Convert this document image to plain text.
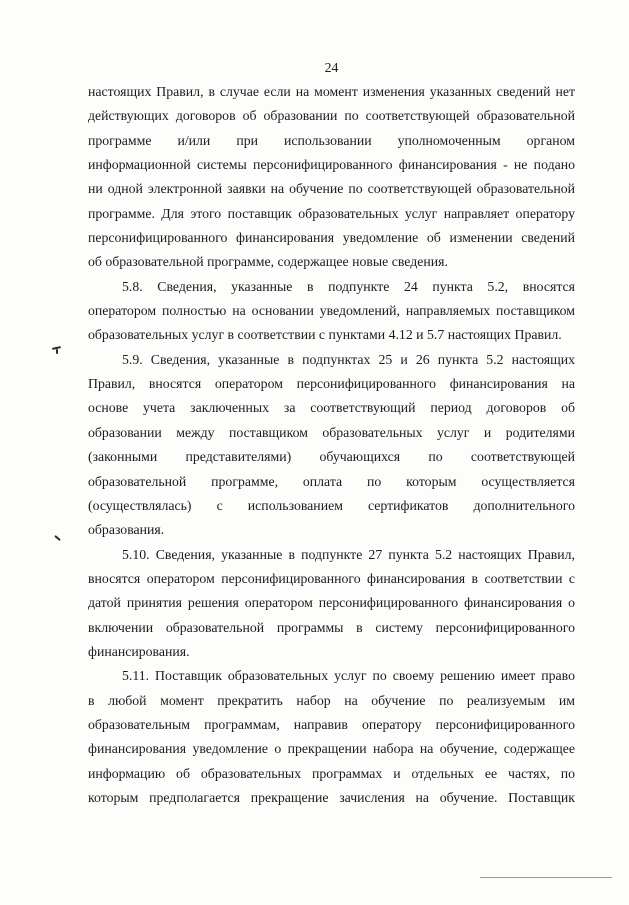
24
настоящих Правил, в случае если на момент изменения указанных сведений нет
действующих договоров об образовании по соответствующей образовательной
программе и/или при использовании уполномоченным органом
информационной системы персонифицированного финансирования - не подано
ни одной электронной заявки на обучение по соответствующей образовательной
программе. Для этого поставщик образовательных услуг направляет оператору
персонифицированного финансирования уведомление об изменении сведений
об образовательной программе, содержащее новые сведения.
5.8. Сведения, указанные в подпункте 24 пункта 5.2, вносятся
оператором полностью на основании уведомлений, направляемых поставщиком
образовательных услуг в соответствии с пунктами 4.12 и 5.7 настоящих Правил.
5.9. Сведения, указанные в подпунктах 25 и 26 пункта 5.2 настоящих
Правил, вносятся оператором персонифицированного финансирования на
основе учета заключенных за соответствующий период договоров об
образовании между поставщиком образовательных услуг и родителями
(законными представителями) обучающихся по соответствующей
образовательной программе, оплата по которым осуществляется
(осуществлялась) с использованием сертификатов дополнительного
образования.
5.10. Сведения, указанные в подпункте 27 пункта 5.2 настоящих Правил,
вносятся оператором персонифицированного финансирования в соответствии с
датой принятия решения оператором персонифицированного финансирования о
включении образовательной программы в систему персонифицированного
финансирования.
5.11. Поставщик образовательных услуг по своему решению имеет право
в любой момент прекратить набор на обучение по реализуемым им
образовательным программам, направив оператору персонифицированного
финансирования уведомление о прекращении набора на обучение, содержащее
информацию об образовательных программах и отдельных ее частях, по
которым предполагается прекращение зачисления на обучение. Поставщик
